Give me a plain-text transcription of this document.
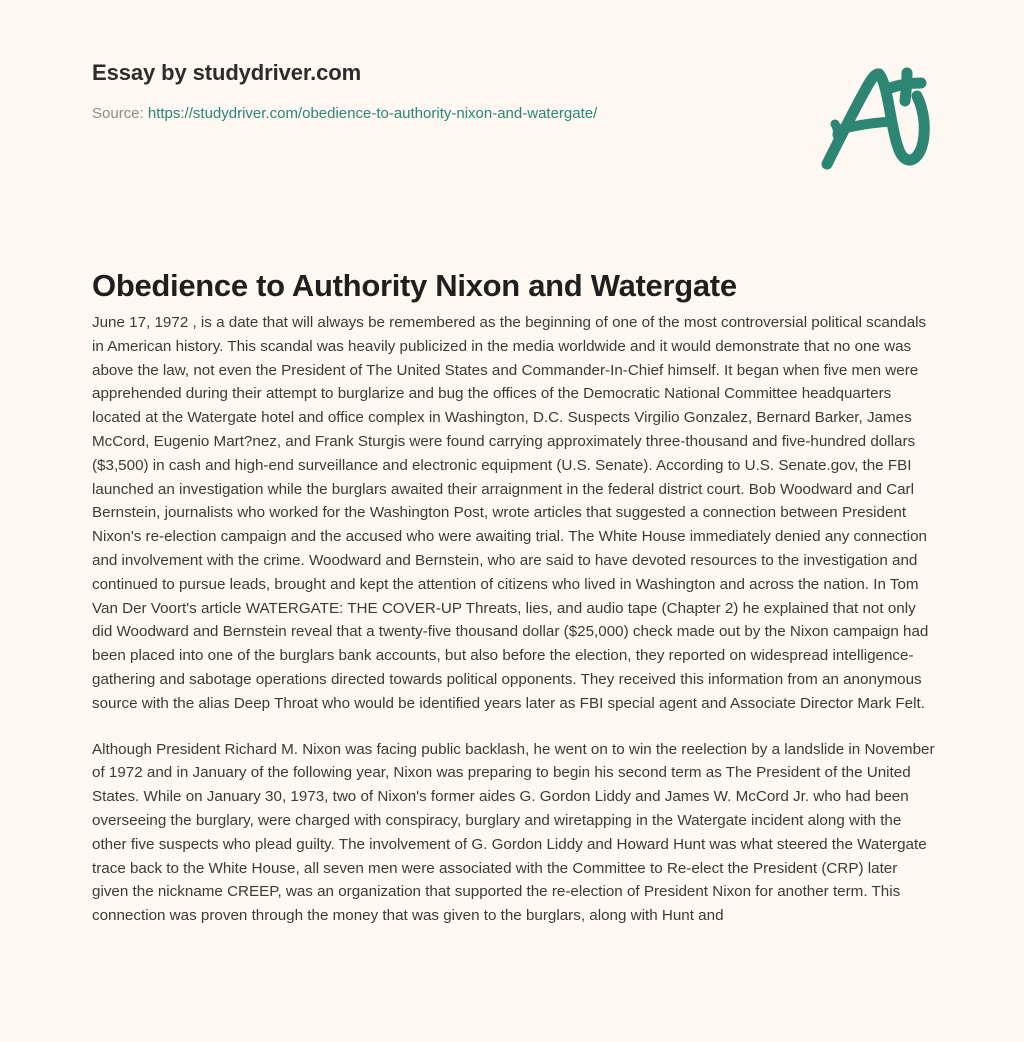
Essay by studydriver.com
Source: https://studydriver.com/obedience-to-authority-nixon-and-watergate/
Obedience to Authority Nixon and Watergate

June 17, 1972 , is a date that will always be remembered as the beginning of one of the most controversial political scandals in American history. This scandal was heavily publicized in the media worldwide and it would demonstrate that no one was above the law, not even the President of The United States and Commander-In-Chief himself. It began when five men were apprehended during their attempt to burglarize and bug the offices of the Democratic National Committee headquarters located at the Watergate hotel and office complex in Washington, D.C. Suspects Virgilio Gonzalez, Bernard Barker, James McCord, Eugenio Mart?nez, and Frank Sturgis were found carrying approximately three-thousand and five-hundred dollars ($3,500) in cash and high-end surveillance and electronic equipment (U.S. Senate). According to U.S. Senate.gov, the FBI launched an investigation while the burglars awaited their arraignment in the federal district court. Bob Woodward and Carl Bernstein, journalists who worked for the Washington Post, wrote articles that suggested a connection between President Nixon's re-election campaign and the accused who were awaiting trial. The White House immediately denied any connection and involvement with the crime. Woodward and Bernstein, who are said to have devoted resources to the investigation and continued to pursue leads, brought and kept the attention of citizens who lived in Washington and across the nation. In Tom Van Der Voort's article WATERGATE: THE COVER-UP Threats, lies, and audio tape (Chapter 2) he explained that not only did Woodward and Bernstein reveal that a twenty-five thousand dollar ($25,000) check made out by the Nixon campaign had been placed into one of the burglars bank accounts, but also before the election, they reported on widespread intelligence-gathering and sabotage operations directed towards political opponents. They received this information from an anonymous source with the alias Deep Throat who would be identified years later as FBI special agent and Associate Director Mark Felt.

Although President Richard M. Nixon was facing public backlash, he went on to win the reelection by a landslide in November of 1972 and in January of the following year, Nixon was preparing to begin his second term as The President of the United States. While on January 30, 1973, two of Nixon's former aides G. Gordon Liddy and James W. McCord Jr. who had been overseeing the burglary, were charged with conspiracy, burglary and wiretapping in the Watergate incident along with the other five suspects who plead guilty. The involvement of G. Gordon Liddy and Howard Hunt was what steered the Watergate trace back to the White House, all seven men were associated with the Committee to Re-elect the President (CRP) later given the nickname CREEP, was an organization that supported the re-election of President Nixon for another term. This connection was proven through the money that was given to the burglars, along with Hunt and
